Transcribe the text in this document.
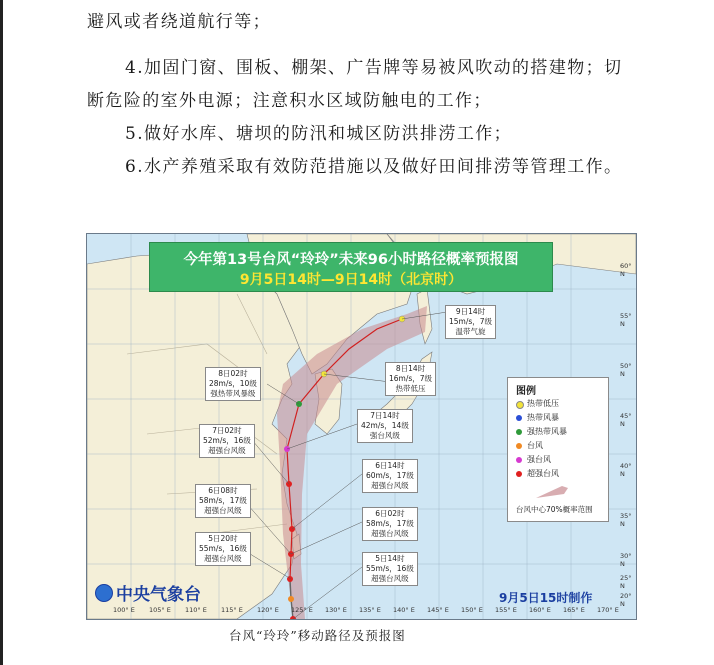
避风或者绕道航行等；
4.加固门窗、围板、棚架、广告牌等易被风吹动的搭建物；切
断危险的室外电源；注意积水区域防触电的工作；
5.做好水库、塘坝的防汛和城区防洪排涝工作；
6.水产养殖采取有效防范措施以及做好田间排涝等管理工作。
今年第13号台风“玲玲”未来96小时路径概率预报图
9月5日14时—9日14时（北京时）
9日14时
15m/s，7级
温带气旋
8日14时
16m/s，7级
热带低压
8日02时
28m/s，10级
强热带风暴级
7日14时
42m/s，14级
强台风级
7日02时
52m/s，16级
超强台风级
6日14时
60m/s，17级
超强台风级
6日08时
58m/s，17级
超强台风级	6日02时
58m/s，17级
超强台风级
5日20时
55m/s，16级
超强台风级	5日14时
55m/s，16级
超强台风级
图例
热带低压
热带风暴
强热带风暴
台风
强台风
超强台风
台风中心70%概率范围
中央气象台	9月5日15时制作
100° E 105° E 110° E 115° E 120° E 125° E 130° E 135° E 140° E 145° E 150° E 155° E 160° E 165° E 170° E
60° N
55° N
50° N
45° N
40° N
35° N
30° N
25° N
20° N
台风“玲玲”移动路径及预报图
